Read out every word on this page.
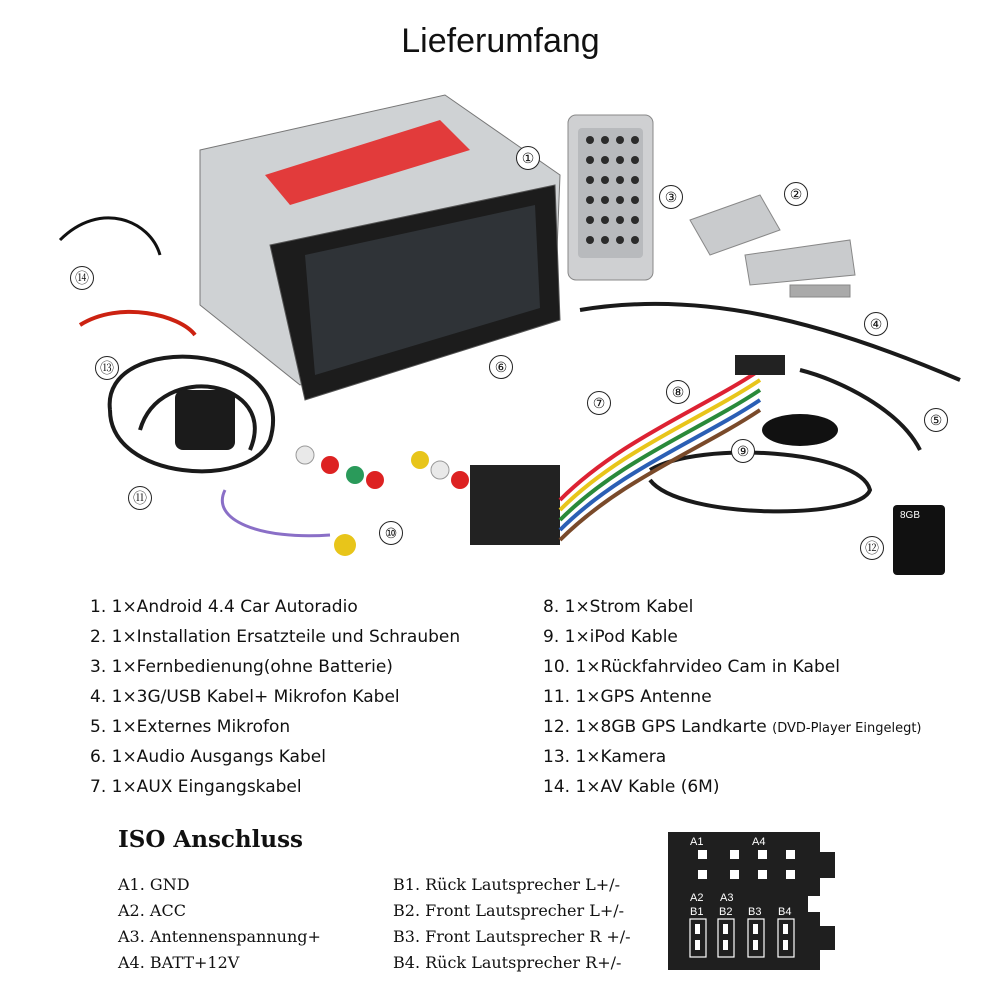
Lieferumfang
8GB
①
②
③
④
⑤
⑥
⑦
⑧
⑨
⑩
⑪
⑫
⑬
⑭
1. 1×Android 4.4 Car Autoradio
2. 1×Installation Ersatzteile und Schrauben
3. 1×Fernbedienung(ohne Batterie)
4. 1×3G/USB Kabel+ Mikrofon Kabel
5. 1×Externes Mikrofon
6. 1×Audio Ausgangs Kabel
7. 1×AUX Eingangskabel
8. 1×Strom Kabel
9. 1×iPod Kable
10. 1×Rückfahrvideo Cam in Kabel
11. 1×GPS Antenne
12. 1×8GB GPS Landkarte (DVD-Player Eingelegt)
13. 1×Kamera
14. 1×AV Kable (6M)
ISO Anschluss
A1. GND
A2. ACC
A3. Antennenspannung+
A4. BATT+12V
B1. Rück Lautsprecher L+/-
B2. Front Lautsprecher L+/-
B3. Front Lautsprecher R +/-
B4. Rück Lautsprecher R+/-
A1	A4
A2 A3
B1 B2 B3 B4
